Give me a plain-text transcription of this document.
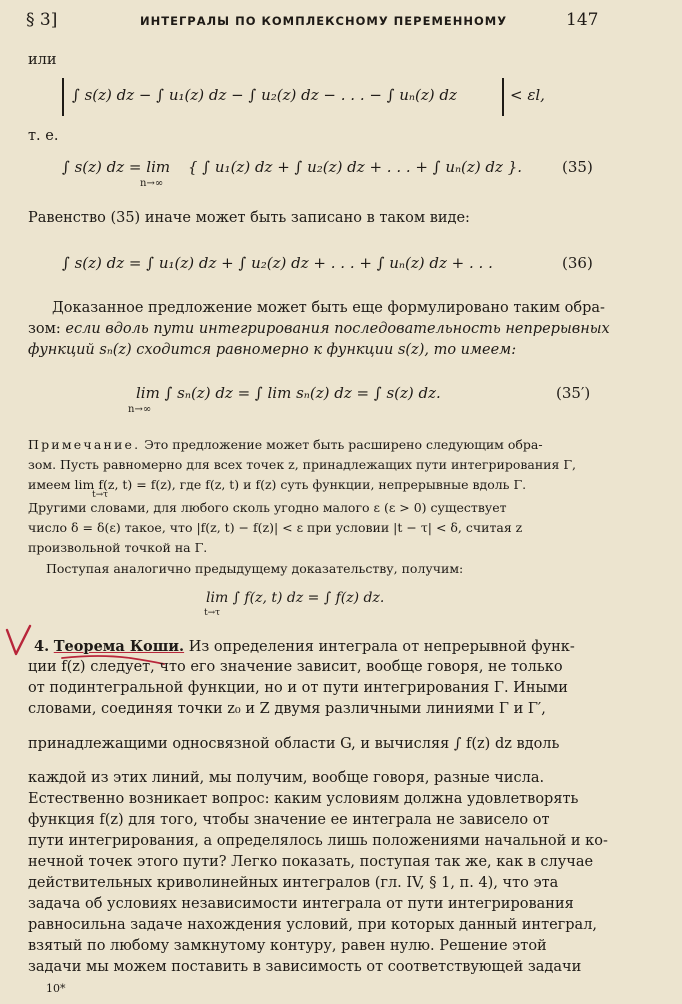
§ 3]	ИНТЕГРАЛЫ ПО КОМПЛЕКСНОМУ ПЕРЕМЕННОМУ	147
или
∫ s(z) dz − ∫ u₁(z) dz − ∫ u₂(z) dz − . . . − ∫ uₙ(z) dz	< εl,
т. е.
∫ s(z) dz = lim
n→∞
{ ∫ u₁(z) dz + ∫ u₂(z) dz + . . . + ∫ uₙ(z) dz }.	(35)
Равенство (35) иначе может быть записано в таком виде:
∫ s(z) dz = ∫ u₁(z) dz + ∫ u₂(z) dz + . . . + ∫ uₙ(z) dz + . . .	(36)
Доказанное предложение может быть еще формулировано таким обра-
зом: если вдоль пути интегрирования последовательность непрерывных
функций sₙ(z) сходится равномерно к функции s(z), то имеем:
lim ∫ sₙ(z) dz = ∫ lim sₙ(z) dz = ∫ s(z) dz.
n→∞
(35′)
Примечание. Это предложение может быть расширено следующим обра-
зом. Пусть равномерно для всех точек z, принадлежащих пути интегрирования Γ,
имеем lim f(z, t) = f(z), где f(z, t) и f(z) суть функции, непрерывные вдоль Γ.
t→τ
Другими словами, для любого сколь угодно малого ε (ε > 0) существует
число δ = δ(ε) такое, что |f(z, t) − f(z)| < ε при условии |t − τ| < δ, считая z
произвольной точкой на Γ.
Поступая аналогично предыдущему доказательству, получим:
lim ∫ f(z, t) dz = ∫ f(z) dz.
t→τ
4. Теорема Коши. Из определения интеграла от непрерывной функ-
ции f(z) следует, что его значение зависит, вообще говоря, не только
от подинтегральной функции, но и от пути интегрирования Γ. Иными
словами, соединяя точки z₀ и Z двумя различными линиями Γ и Γ′,
принадлежащими односвязной области G, и вычисляя ∫ f(z) dz вдоль
каждой из этих линий, мы получим, вообще говоря, разные числа.
Естественно возникает вопрос: каким условиям должна удовлетворять
функция f(z) для того, чтобы значение ее интеграла не зависело от
пути интегрирования, а определялось лишь положениями начальной и ко-
нечной точек этого пути? Легко показать, поступая так же, как в случае
действительных криволинейных интегралов (гл. IV, § 1, п. 4), что эта
задача об условиях независимости интеграла от пути интегрирования
равносильна задаче нахождения условий, при которых данный интеграл,
взятый по любому замкнутому контуру, равен нулю. Решение этой
задачи мы можем поставить в зависимость от соответствующей задачи
10*
